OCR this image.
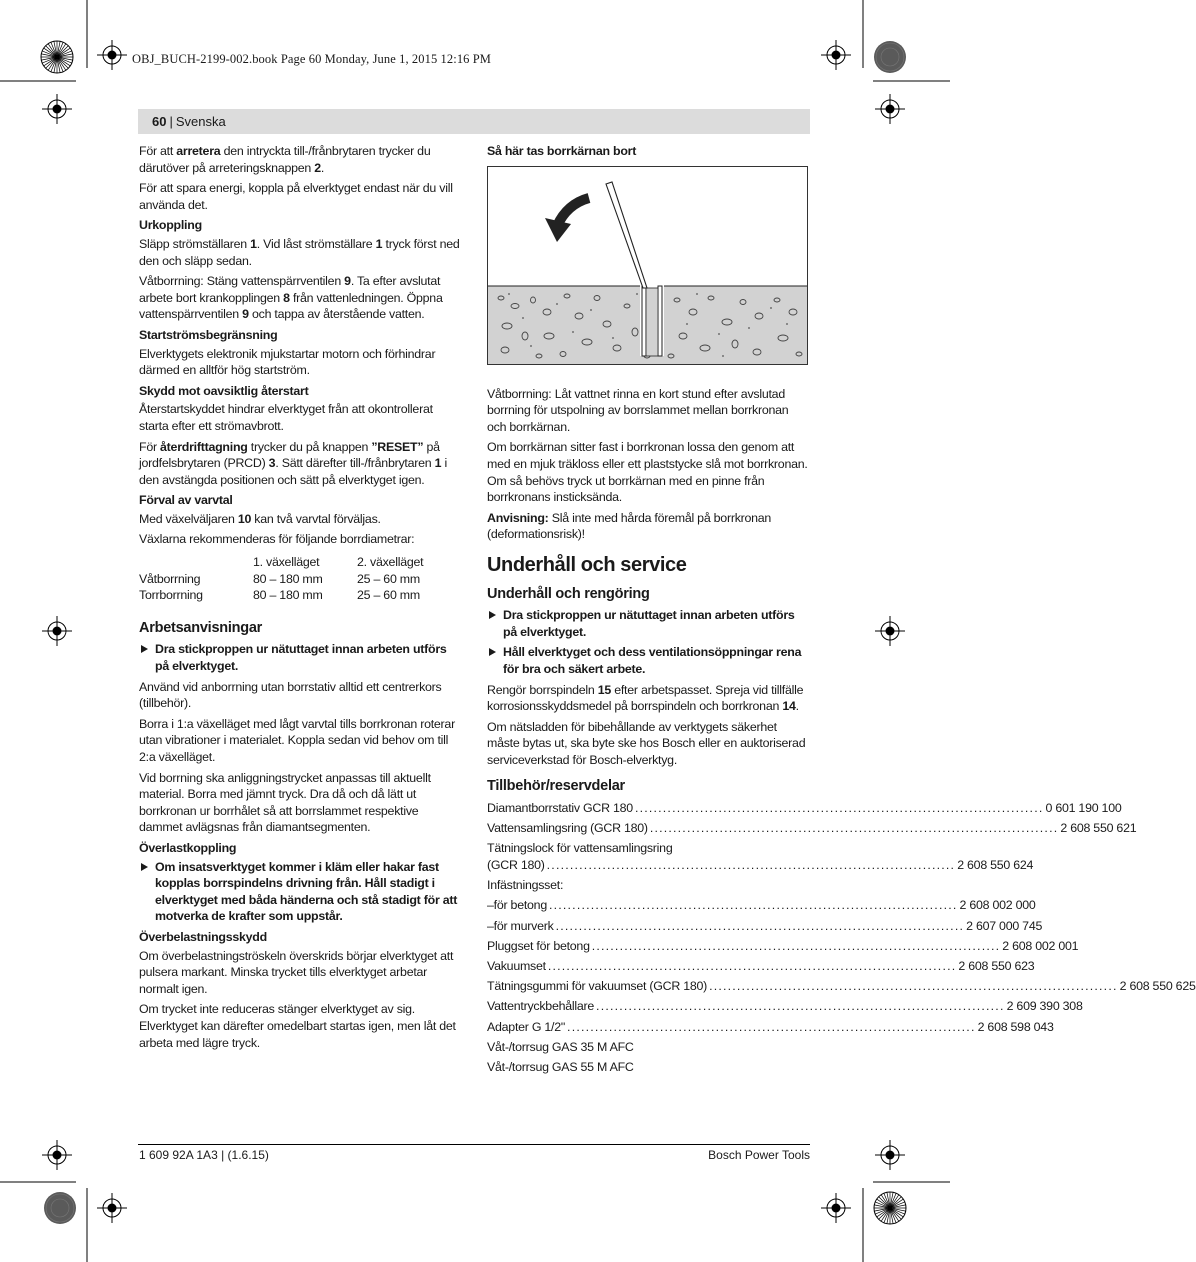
OBJ_BUCH-2199-002.book Page 60 Monday, June 1, 2015 12:16 PM
60 | Svenska

För att arretera den intryckta till-/frånbrytaren trycker du därutöver på arreteringsknappen 2.

För att spara energi, koppla på elverktyget endast när du vill använda det.

Urkoppling

Släpp strömställaren 1. Vid låst strömställare 1 tryck först ned den och släpp sedan.

Våtborrning: Stäng vattenspärrventilen 9. Ta efter avslutat arbete bort krankopplingen 8 från vattenledningen. Öppna vattenspärrventilen 9 och tappa av återstående vatten.

Startströmsbegränsning

Elverktygets elektronik mjukstartar motorn och förhindrar därmed en alltför hög startström.

Skydd mot oavsiktlig återstart

Återstartskyddet hindrar elverktyget från att okontrollerat starta efter ett strömavbrott.

För återdrifttagning trycker du på knappen ”RESET” på jordfelsbrytaren (PRCD) 3. Sätt därefter till-/frånbrytaren 1 i den avstängda positionen och sätt på elverktyget igen.

Förval av varvtal

Med växelväljaren 10 kan två varvtal förväljas.

Växlarna rekommenderas för följande borrdiametrar:

	1. växelläget	2. växelläget
Våtborrning	80 – 180 mm	25 – 60 mm
Torrborrning	80 – 180 mm	25 – 60 mm
Arbetsanvisningar
Dra stickproppen ur nätuttaget innan arbeten utförs på elverktyget.

Använd vid anborrning utan borrstativ alltid ett centrerkors (tillbehör).

Borra i 1:a växelläget med lågt varvtal tills borrkronan roterar utan vibrationer i materialet. Koppla sedan vid behov om till 2:a växelläget.

Vid borrning ska anliggningstrycket anpassas till aktuellt material. Borra med jämnt tryck. Dra då och då lätt ut borrkronan ur borrhålet så att borrslammet respektive dammet avlägsnas från diamantsegmenten.

Överlastkoppling
Om insatsverktyget kommer i kläm eller hakar fast kopplas borrspindelns drivning från. Håll stadigt i elverktyget med båda händerna och stå stadigt för att motverka de krafter som uppstår.
Överbelastningsskydd

Om överbelastningströskeln överskrids börjar elverktyget att pulsera markant. Minska trycket tills elverktyget arbetar normalt igen.

Om trycket inte reduceras stänger elverktyget av sig. Elverktyget kan därefter omedelbart startas igen, men låt det arbeta med lägre tryck.

Så här tas borrkärnan bort

Våtborrning: Låt vattnet rinna en kort stund efter avslutad borrning för utspolning av borrslammet mellan borrkronan och borrkärnan.

Om borrkärnan sitter fast i borrkronan lossa den genom att med en mjuk träkloss eller ett plaststycke slå mot borrkronan. Om så behövs tryck ut borrkärnan med en pinne från borrkronans insticksända.

Anvisning: Slå inte med hårda föremål på borrkronan (deformationsrisk)!

Underhåll och service
Underhåll och rengöring
Dra stickproppen ur nätuttaget innan arbeten utförs på elverktyget.
Håll elverktyget och dess ventilationsöppningar rena för bra och säkert arbete.

Rengör borrspindeln 15 efter arbetspasset. Spreja vid tillfälle korrosionsskyddsmedel på borrspindeln och borrkronan 14.

Om nätsladden för bibehållande av verktygets säkerhet måste bytas ut, ska byte ske hos Bosch eller en auktoriserad serviceverkstad för Bosch-elverktyg.

Tillbehör/reservdelar
Diamantborrstativ GCR 180 ........................................................................................ 0 601 190 100
Vattensamlingsring (GCR 180) ........................................................................................ 2 608 550 621
Tätningslock för vattensamlingsring
(GCR 180) ........................................................................................ 2 608 550 624
Infästningsset:
–för betong ........................................................................................ 2 608 002 000
–för murverk ........................................................................................ 2 607 000 745
Pluggset för betong ........................................................................................ 2 608 002 001
Vakuumset ........................................................................................ 2 608 550 623
Tätningsgummi för vakuumset (GCR 180) ........................................................................................ 2 608 550 625
Vattentryckbehållare ........................................................................................ 2 609 390 308
Adapter G 1/2" ........................................................................................ 2 608 598 043
Våt-/torrsug GAS 35 M AFC
Våt-/torrsug GAS 55 M AFC
1 609 92A 1A3 | (1.6.15)	Bosch Power Tools
